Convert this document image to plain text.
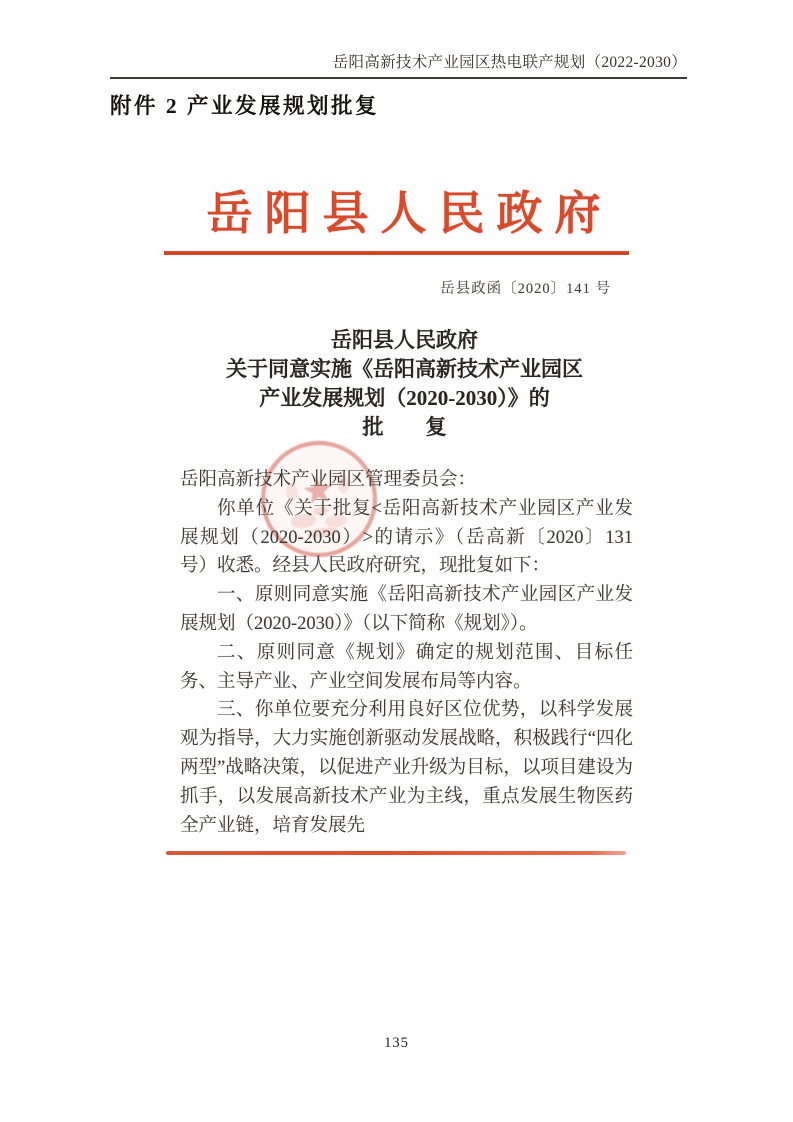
岳阳高新技术产业园区热电联产规划（2022-2030）
附件 2 产业发展规划批复
岳阳县人民政府
岳县政函〔2020〕141 号
岳阳县人民政府
关于同意实施《岳阳高新技术产业园区
产业发展规划（2020-2030）》的
批　　复

岳阳高新技术产业园区管理委员会：

你单位《关于批复<岳阳高新技术产业园区产业发展规划（2020-2030）>的请示》（岳高新〔2020〕131 号）收悉。经县人民政府研究，现批复如下：

一、原则同意实施《岳阳高新技术产业园区产业发展规划（2020-2030）》（以下简称《规划》）。

二、原则同意《规划》确定的规划范围、目标任务、主导产业、产业空间发展布局等内容。

三、你单位要充分利用良好区位优势，以科学发展观为指导，大力实施创新驱动发展战略，积极践行“四化两型”战略决策，以促进产业升级为目标，以项目建设为抓手，以发展高新技术产业为主线，重点发展生物医药全产业链，培育发展先

135
